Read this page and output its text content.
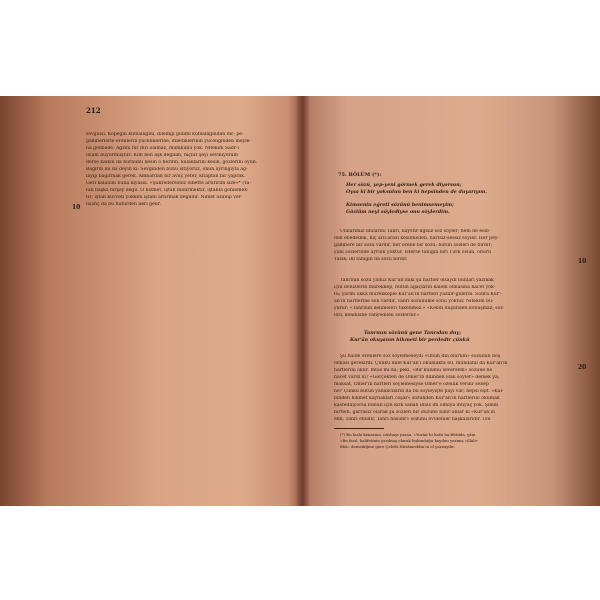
212
sevgilisi. Köpeğin kutsallığını, dilediği gidimi kutsallığından dır; pe-
gamberlerle erenlerin yüceliklerine, dilediklerinin yüceliğinden meyle-
na gelmede. Ağzını bir diri olamaz, mümkünü yok. Nitekim Sadr-ı
İslâm buyurmuştur: Kim ben aşk değilim, hiçbir şeyi sevmiyorum
derse kalkın da burnunu kesin o herifin, kulaklarını kesin, gözlerini oyun.
Bağırdı mı da deyin ki: Sevgiliden bunu istiyoruz, onun ayrılığıyla ağ-
layıp bağırmak gerek. Ambardan bir avuç yeter, kitaptan bir yaprak.
Geri kalanını buna kıyasla. «Şükredersenîz elbette artırırım size»* (Ya-
tan başka birşey değil. O hizmet, iştah bildirmektir, iştahla gönlemek-
tir; iştah kuvveti yokken iştahı artırmak değildir. Nimet uzanıp ver-
usanç da bu hüfürden ileri gelir.
10
75. BÖLÜM (*):
Her sözü, yep-yeni görmek gerek diyorsun;
Oysa ki bir yoksulun ben ki hepsinden de duyarıyım.
Kimsenin eğreti sözünü benimsemeyim;
Gözlüm neyi söylediyse onu söylerdim.
Ulularımız ulularını Tanrı, kaystır-ilgisiz söz söyler; hem de eezl-
den ebededek, hiç arlı-arası kesilmeden, harfsiz-sessiz söyler. Her pey-
gambere bir sözü vardır, her erene bir sözü; bütün sözleri de birdir;
yâni sözlerinde ayrılık yoktur. İsterse tanığın biri Türk olsun, öbürü
Tazik; iki tanığın da sözü birdir.	10
Tanrının sözü yalnız Kur'ân'daki şu harfler olsaydı bunları yazmak
için denizlerin mürekkep, bütün ağaçların kalem olmasına hacet yok-
tu; yarım okka mürekkeple Kur'ân'ın harfleri yazılır-giderdi. Sonra Kur'-
ân'ın harflerine son vardır, Tanrı sözünüme sonu yoktur. Nitekim bu-
yurur: «Tanrının kelimeleri tükenmez.» «Kendi düşünden konuşmaz; söz-
leri, kendisine vahyedilen sözlerdir.»
Tanrının sözünü gene Tanrıdan duy;
Kur'ân okuyanın hikmeti bir perdedir çünkü
Şu halde erenlere söz söylemeseydi «Onun dili olurum» sözünün boş
olması gerekirdi. Çünkü dille Kur'ân'ı okumakta bu, mündahil da Kur'ân'ın
harflerini okur. İhtas mı da; peki, «Bir kulumu seversem» sözüne ne
hâcet vardı ki? «Gerçekten de Ömer'in dilinden Hak söyler» demek ya;
maksat, Ömer'in harfleri söylemesiyse Ömer'e özellik verilir sebep
ne? Çünkü bütün yahancıların da bu söyleyişte payı var; hepsi eşit. «Kal-
binden hikmet kaynakları coşar» sözünden Kur'ân'ın harflerini okumak
kastediliyorsa bunun için kırk sabah ihlâs ım olmıya ihtiyaç yok. Şimdi
birtedi, garrasiz olarak şu sözleri bir düzüne billir-anlar ki «Kur'ân'ın
ehli, Tanrı ehlidir, Tanrı hasıdır» sözünü övülenler haşkalarıdır. Ulu
20
(*) Bu fasla kenarına, nüshayı yazan, «Yuriat hi hattı ha!ifetiida, yâni
«Bu fasıl, halifetinin yazılmış olarak bulunduğu kaydını yazmış «illale-
fibâ» demediğine göre Çelebi Hüsâmeddin'in el yazısıydır.
